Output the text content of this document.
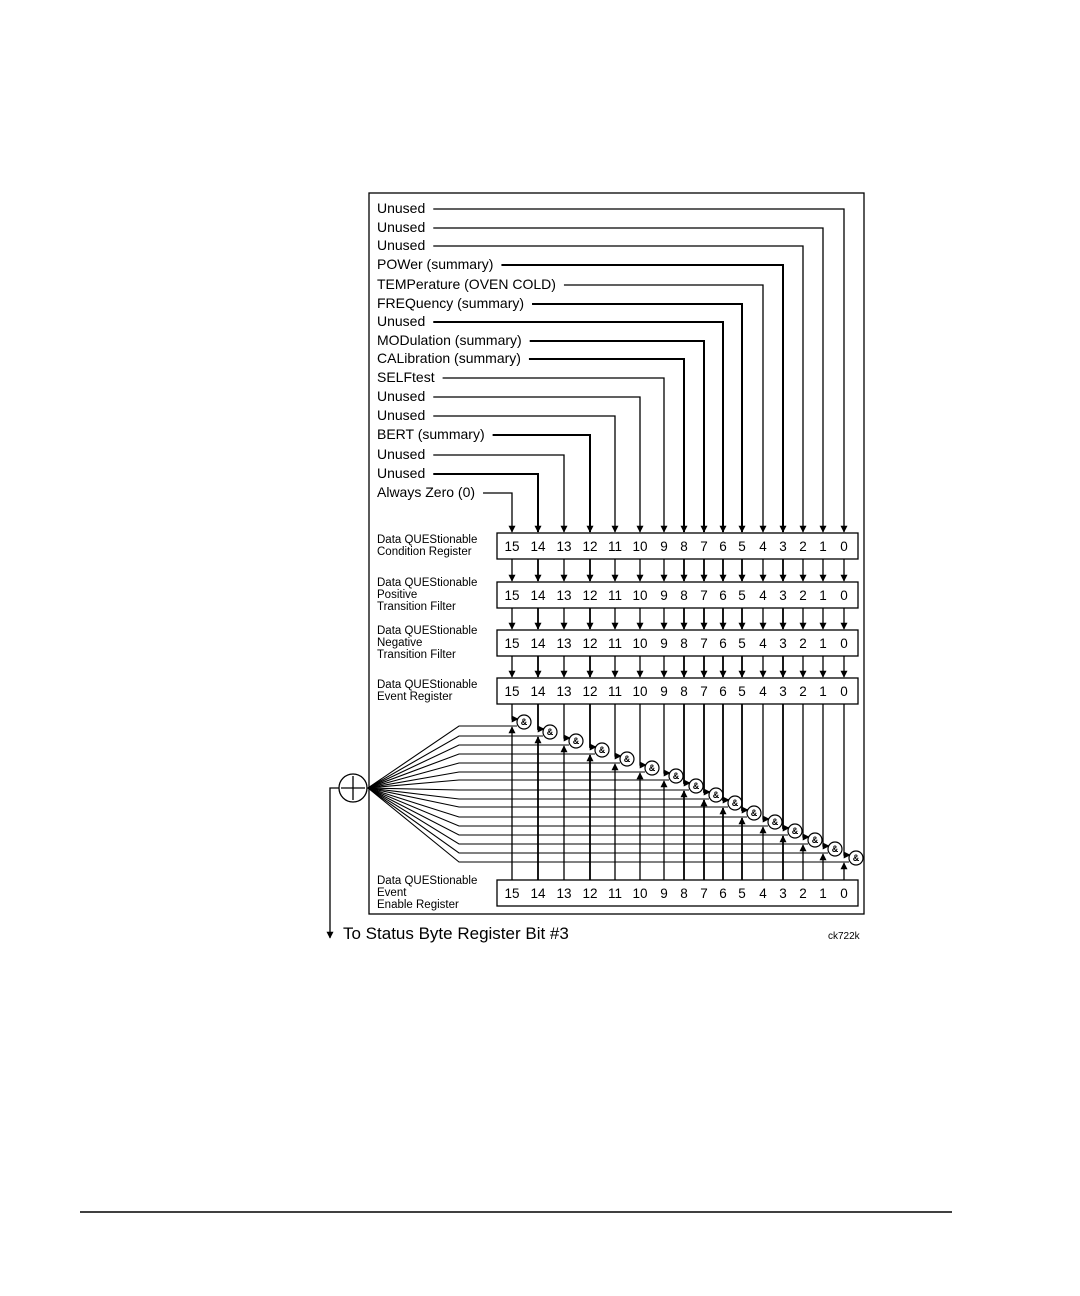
Unused
Unused
Unused
POWer (summary)
TEMPerature (OVEN COLD)
FREQuency (summary)
Unused
MODulation (summary)
CALibration (summary)
SELFtest
Unused
Unused
BERT (summary)
Unused
Unused
Always Zero (0)
15 14 13 12 11 10 9 8 7 6 5 4 3 2 1 0
Data QUEStionable
Condition Register
15 14 13 12 11 10 9 8 7 6 5 4 3 2 1 0
Data QUEStionable
Positive
Transition Filter
15 14 13 12 11 10 9 8 7 6 5 4 3 2 1 0
Data QUEStionable
Negative
Transition Filter
15 14 13 12 11 10 9 8 7 6 5 4 3 2 1 0
Data QUEStionable
Event Register
15 14 13 12 11 10 9 8 7 6 5 4 3 2 1 0
Data QUEStionable
Event
Enable Register
&
&
&
&
&
&
&
&
&
&
&
&
&
&
&
&
To Status Byte Register Bit #3	ck722k
